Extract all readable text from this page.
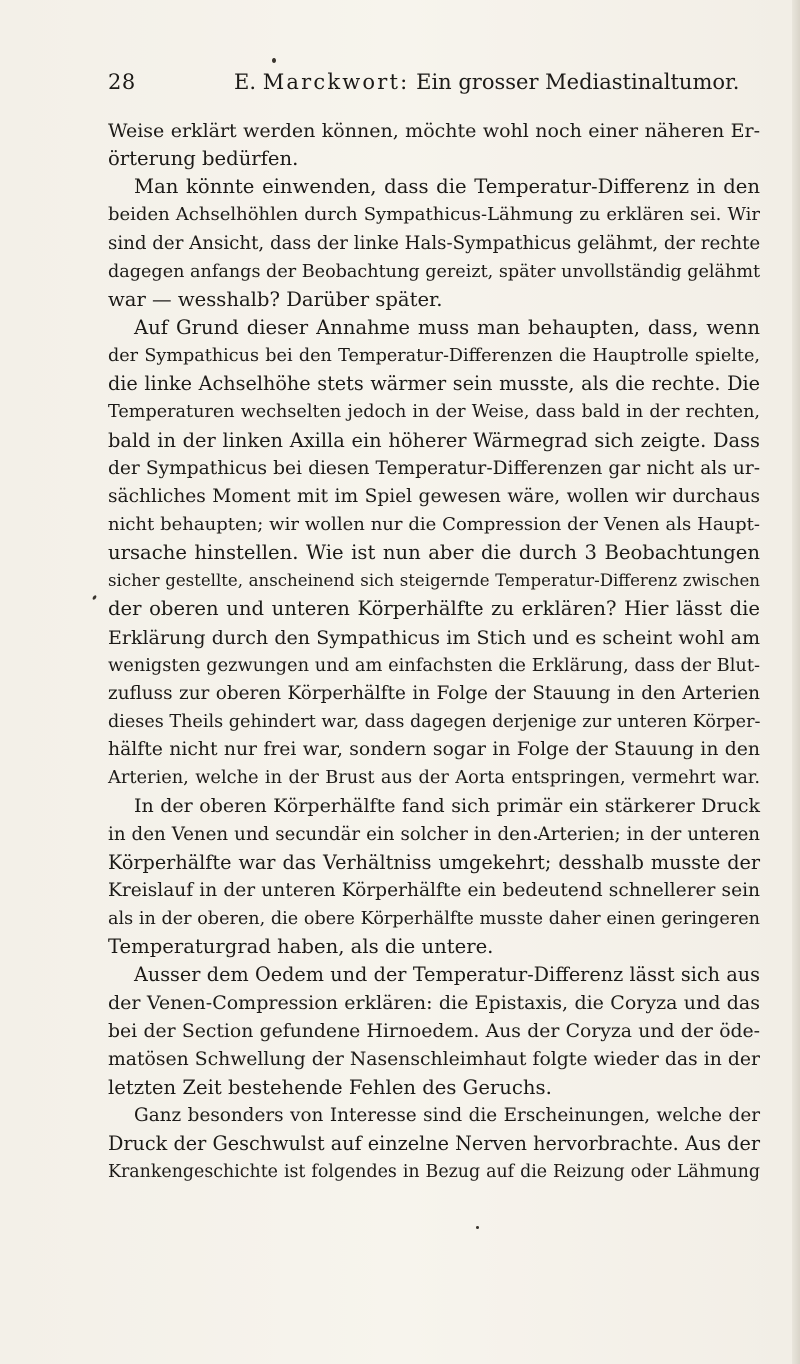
28	E. Marckwort: Ein grosser Mediastinaltumor.
Weise erklärt werden können, möchte wohl noch einer näheren Er-
örterung bedürfen.
Man könnte einwenden, dass die Temperatur-Differenz in den
beiden Achselhöhlen durch Sympathicus-Lähmung zu erklären sei. Wir
sind der Ansicht, dass der linke Hals-Sympathicus gelähmt, der rechte
dagegen anfangs der Beobachtung gereizt, später unvollständig gelähmt
war — wesshalb? Darüber später.
Auf Grund dieser Annahme muss man behaupten, dass, wenn
der Sympathicus bei den Temperatur-Differenzen die Hauptrolle spielte,
die linke Achselhöhe stets wärmer sein musste, als die rechte. Die
Temperaturen wechselten jedoch in der Weise, dass bald in der rechten,
bald in der linken Axilla ein höherer Wärmegrad sich zeigte. Dass
der Sympathicus bei diesen Temperatur-Differenzen gar nicht als ur-
sächliches Moment mit im Spiel gewesen wäre, wollen wir durchaus
nicht behaupten; wir wollen nur die Compression der Venen als Haupt-
ursache hinstellen. Wie ist nun aber die durch 3 Beobachtungen
sicher gestellte, anscheinend sich steigernde Temperatur-Differenz zwischen
der oberen und unteren Körperhälfte zu erklären? Hier lässt die
Erklärung durch den Sympathicus im Stich und es scheint wohl am
wenigsten gezwungen und am einfachsten die Erklärung, dass der Blut-
zufluss zur oberen Körperhälfte in Folge der Stauung in den Arterien
dieses Theils gehindert war, dass dagegen derjenige zur unteren Körper-
hälfte nicht nur frei war, sondern sogar in Folge der Stauung in den
Arterien, welche in der Brust aus der Aorta entspringen, vermehrt war.
In der oberen Körperhälfte fand sich primär ein stärkerer Druck
in den Venen und secundär ein solcher in den Arterien; in der unteren
Körperhälfte war das Verhältniss umgekehrt; desshalb musste der
Kreislauf in der unteren Körperhälfte ein bedeutend schnellerer sein
als in der oberen, die obere Körperhälfte musste daher einen geringeren
Temperaturgrad haben, als die untere.
Ausser dem Oedem und der Temperatur-Differenz lässt sich aus
der Venen-Compression erklären: die Epistaxis, die Coryza und das
bei der Section gefundene Hirnoedem. Aus der Coryza und der öde-
matösen Schwellung der Nasenschleimhaut folgte wieder das in der
letzten Zeit bestehende Fehlen des Geruchs.
Ganz besonders von Interesse sind die Erscheinungen, welche der
Druck der Geschwulst auf einzelne Nerven hervorbrachte. Aus der
Krankengeschichte ist folgendes in Bezug auf die Reizung oder Lähmung
